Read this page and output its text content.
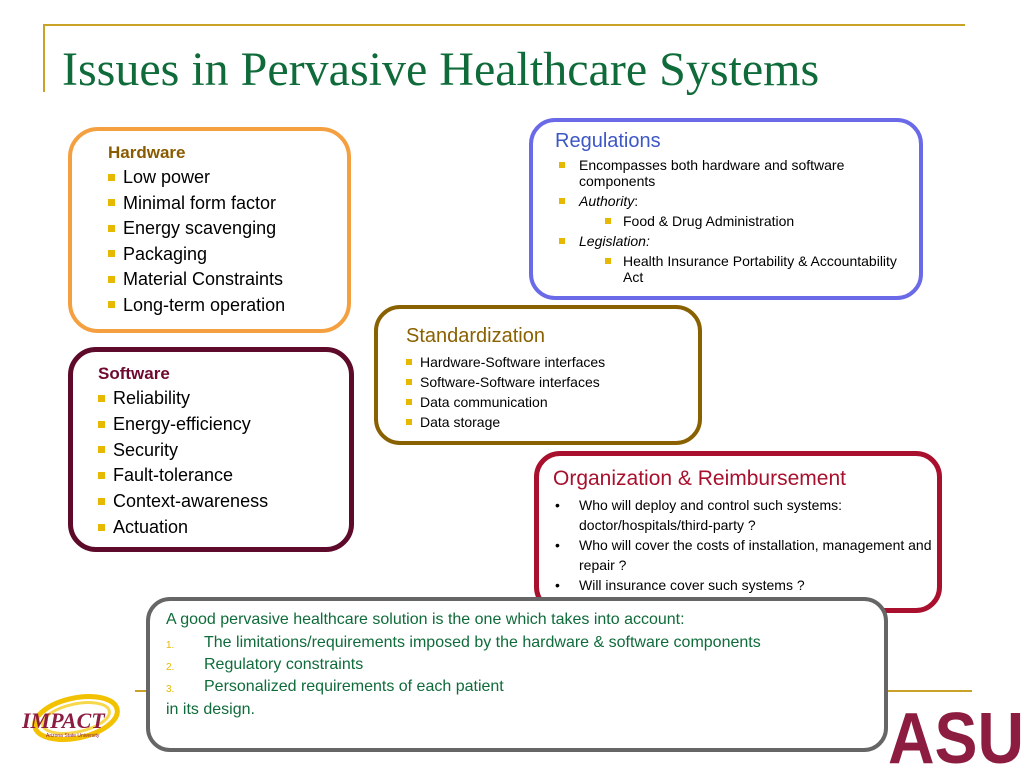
Issues in Pervasive Healthcare Systems
Hardware
Low power
Minimal form factor
Energy scavenging
Packaging
Material Constraints
Long-term operation
Software
Reliability
Energy-efficiency
Security
Fault-tolerance
Context-awareness
Actuation
Regulations
Encompasses both hardware and software components
Authority:
Food & Drug Administration
Legislation:
Health Insurance Portability & Accountability Act
Standardization
Hardware-Software interfaces
Software-Software interfaces
Data communication
Data storage
Organization & Reimbursement
• Who will deploy and control such systems: doctor/hospitals/third-party ?
• Who will cover the costs of installation, management and repair ?
• Will insurance cover such systems ?

A good pervasive healthcare solution is the one which takes into account:

1. The limitations/requirements imposed by the hardware & software components
2. Regulatory constraints
3. Personalized requirements of each patient

in its design.

IMPACT
Arizona State University	ASU
